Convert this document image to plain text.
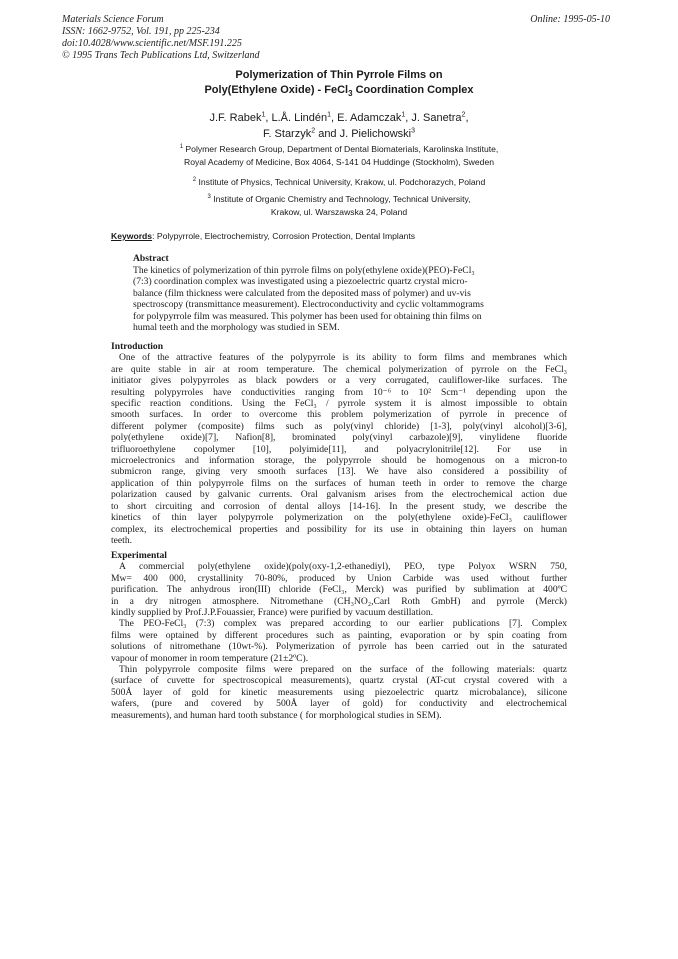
Materials Science Forum
ISSN: 1662-9752, Vol. 191, pp 225-234
doi:10.4028/www.scientific.net/MSF.191.225
© 1995 Trans Tech Publications Ltd, Switzerland
Online: 1995-05-10
Polymerization of Thin Pyrrole Films on
Poly(Ethylene Oxide) - FeCl$_3$ Coordination Complex
J.F. Rabek$^1$, L.Å. Lindén$^1$, E. Adamczak$^1$, J. Sanetra$^2$,
F. Starzyk$^2$ and J. Pielichowski$^3$
$^1$ Polymer Research Group, Department of Dental Biomaterials, Karolinska Institute,
Royal Academy of Medicine, Box 4064, S-141 04 Huddinge (Stockholm), Sweden
$^2$ Institute of Physics, Technical University, Krakow, ul. Podchorazych, Poland
$^3$ Institute of Organic Chemistry and Technology, Technical University,
Krakow, ul. Warszawska 24, Poland
Keywords: Polypyrrole, Electrochemistry, Corrosion Protection, Dental Implants
Abstract
The kinetics of polymerization of thin pyrrole films on poly(ethylene oxide)(PEO)-FeCl₃
(7:3) coordination complex was investigated using a piezoelectric quartz crystal micro-
balance (film thickness were calculated from the deposited mass of polymer) and uv-vis
spectroscopy (transmittance measurement). Electroconductivity and cyclic voltammograms
for polypyrrole film was measured. This polymer has been used for obtaining thin films on
humal teeth and the morphology was studied in SEM.
Introduction
One of the attractive features of the polypyrrole is its ability to form films and membranes which
are quite stable in air at room temperature. The chemical polymerization of pyrrole on the FeCl₃
initiator gives polypyrroles as black powders or a very corrugated, cauliflower-like surfaces. The
resulting polypyrroles have conductivities ranging from 10⁻⁶ to 10² Scm⁻¹ depending upon the
specific reaction conditions. Using the FeCl₃ / pyrrole system it is almost impossible to obtain
smooth surfaces. In order to overcome this problem polymerization of pyrrole in precence of
different polymer (composite) films such as poly(vinyl chloride) [1-3], poly(vinyl alcohol)[3-6],
poly(ethylene oxide)[7], Nafion[8], brominated poly(vinyl carbazole)[9], vinylidene fluoride
trifluoroethylene copolymer [10], polyimide[11], and polyacrylonitrile[12]. For use in
microelectronics and information storage, the polypyrrole should be homogenous on a micron-to
submicron range, giving very smooth surfaces [13]. We have also considered a possibility of
application of thin polypyrrole films on the surfaces of human teeth in order to remove the charge
polarization caused by galvanic currents. Oral galvanism arises from the electrochemical action due
to short circuiting and corrosion of dental alloys [14-16]. In the present study, we describe the
kinetics of thin layer polypyrrole polymerization on the poly(ethylene oxide)-FeCl₃ cauliflower
complex, its electrochemical properties and possibility for its use in obtaining thin layers on human
teeth.
Experimental
A commercial poly(ethylene oxide)(poly(oxy-1,2-ethanediyl), PEO, type Polyox WSRN 750,
Mw= 400 000, crystallinity 70-80%, produced by Union Carbide was used without further
purification. The anhydrous iron(III) chloride (FeCl₃, Merck) was purified by sublimation at 400ºC
in a dry nitrogen atmosphere. Nitromethane (CH₃NO₂,Carl Roth GmbH) and pyrrole (Merck)
kindly supplied by Prof.J.P.Fouassier, France) were purified by vacuum destillation.
The PEO-FeCl₃ (7:3) complex was prepared according to our earlier publications [7]. Complex
films were optained by different procedures such as painting, evaporation or by spin coating from
solutions of nitromethane (10wt-%). Polymerization of pyrrole has been carried out in the saturated
vapour of monomer in room temperature (21±2ºC).
Thin polypyrrole composite films were prepared on the surface of the following materials: quartz
(surface of cuvette for spectroscopical measurements), quartz crystal (AT-cut crystal covered with a
500Å layer of gold for kinetic measurements using piezoelectric quartz microbalance), silicone
wafers, (pure and covered by 500Å layer of gold) for conductivity and electrochemical
measurements), and human hard tooth substance ( for morphological studies in SEM).
